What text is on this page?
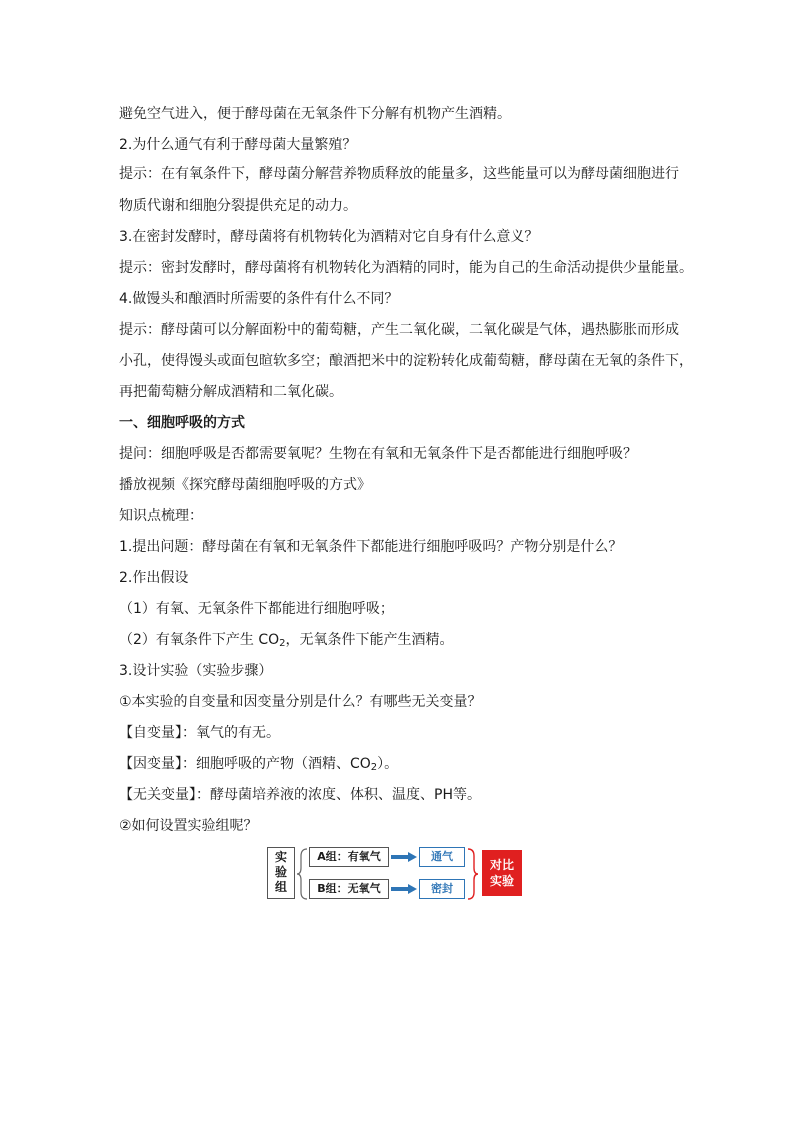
避免空气进入，便于酵母菌在无氧条件下分解有机物产生酒精。
2.为什么通气有利于酵母菌大量繁殖？
提示：在有氧条件下，酵母菌分解营养物质释放的能量多，这些能量可以为酵母菌细胞进行
物质代谢和细胞分裂提供充足的动力。
3.在密封发酵时，酵母菌将有机物转化为酒精对它自身有什么意义？
提示：密封发酵时，酵母菌将有机物转化为酒精的同时，能为自己的生命活动提供少量能量。
4.做馒头和酿酒时所需要的条件有什么不同？
提示：酵母菌可以分解面粉中的葡萄糖，产生二氧化碳，二氧化碳是气体，遇热膨胀而形成
小孔，使得馒头或面包暄软多空；酿酒把米中的淀粉转化成葡萄糖，酵母菌在无氧的条件下，
再把葡萄糖分解成酒精和二氧化碳。
一、细胞呼吸的方式
提问：细胞呼吸是否都需要氧呢？生物在有氧和无氧条件下是否都能进行细胞呼吸？
播放视频《探究酵母菌细胞呼吸的方式》
知识点梳理：
1.提出问题：酵母菌在有氧和无氧条件下都能进行细胞呼吸吗？产物分别是什么？
2.作出假设
（1）有氧、无氧条件下都能进行细胞呼吸；
（2）有氧条件下产生 $CO_2$，无氧条件下能产生酒精。
3.设计实验（实验步骤）
①本实验的自变量和因变量分别是什么？有哪些无关变量？
【自变量】：氧气的有无。
【因变量】：细胞呼吸的产物（酒精、$CO_2$）。
【无关变量】：酵母菌培养液的浓度、体积、温度、PH等。
②如何设置实验组呢？
实
验
组
A组：有氧气
B组：无氧气
通气
密封
对比
实验
